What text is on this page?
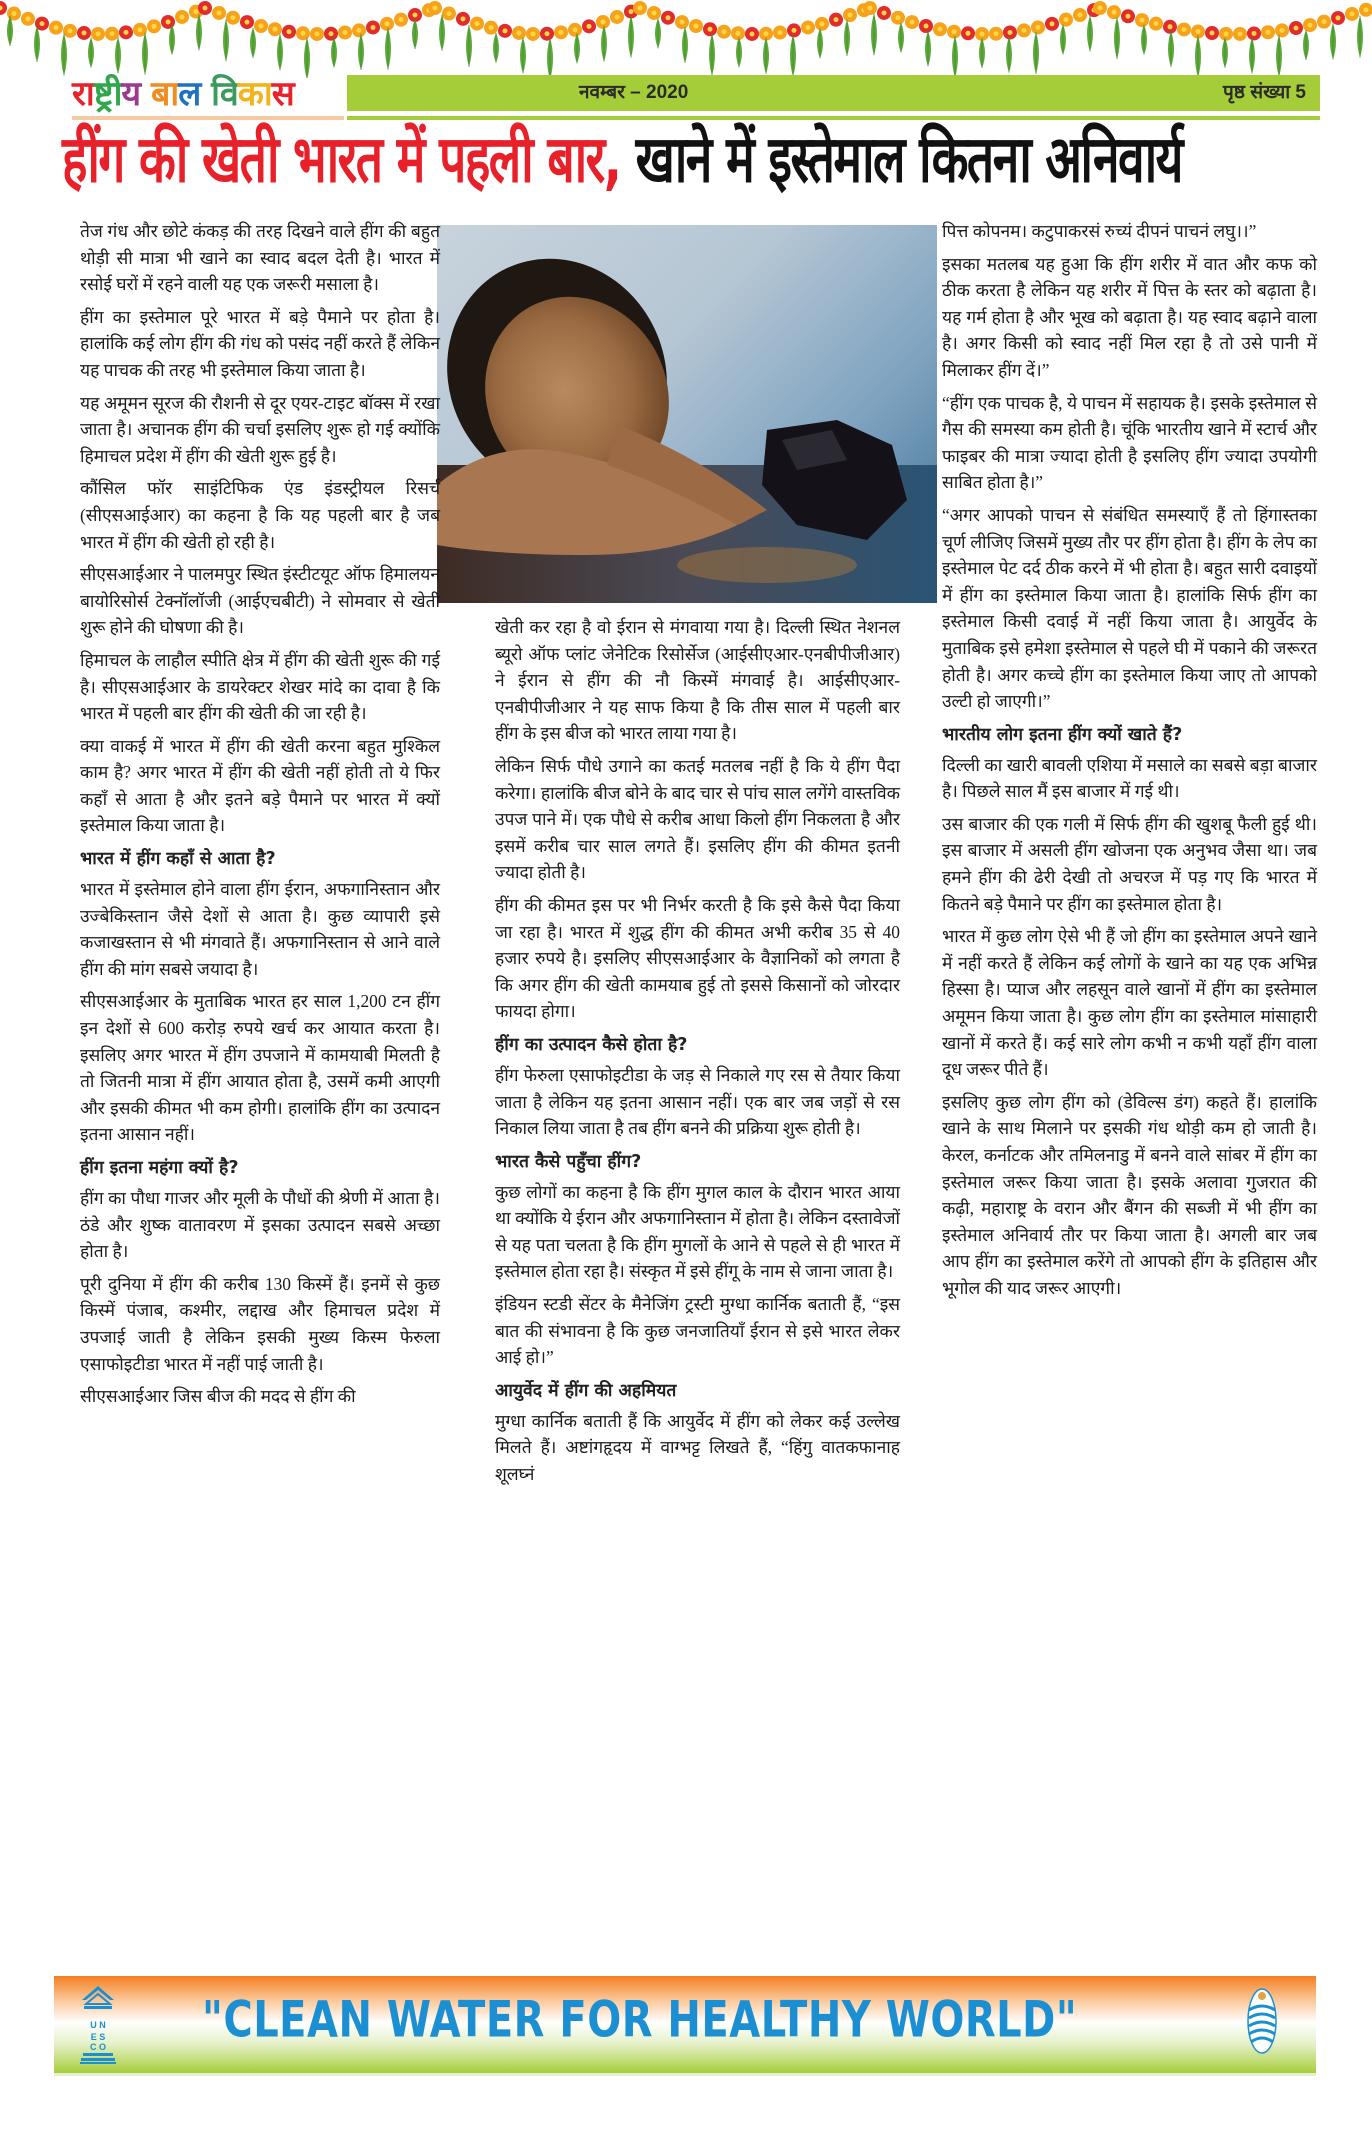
राष्ट्रीय बाल विकास	नवम्बर – 2020	पृष्ठ संख्या 5
हींग की खेती भारत में पहली बार, खाने में इस्तेमाल कितना अनिवार्य

तेज गंध और छोटे कंकड़ की तरह दिखने वाले हींग की बहुत थोड़ी सी मात्रा भी खाने का स्वाद बदल देती है। भारत में रसोई घरों में रहने वाली यह एक जरूरी मसाला है।

हींग का इस्तेमाल पूरे भारत में बड़े पैमाने पर होता है। हालांकि कई लोग हींग की गंध को पसंद नहीं करते हैं लेकिन यह पाचक की तरह भी इस्तेमाल किया जाता है।

यह अमूमन सूरज की रौशनी से दूर एयर-टाइट बॉक्स में रखा जाता है। अचानक हींग की चर्चा इसलिए शुरू हो गई क्योंकि हिमाचल प्रदेश में हींग की खेती शुरू हुई है।

कौंसिल फॉर साइंटिफिक एंड इंडस्ट्रीयल रिसर्च (सीएसआईआर) का कहना है कि यह पहली बार है जब भारत में हींग की खेती हो रही है।

सीएसआईआर ने पालमपुर स्थित इंस्टीटयूट ऑफ हिमालयन बायोरिसोर्स टेक्नॉलॉजी (आईएचबीटी) ने सोमवार से खेती शुरू होने की घोषणा की है।

हिमाचल के लाहौल स्पीति क्षेत्र में हींग की खेती शुरू की गई है। सीएसआईआर के डायरेक्टर शेखर मांदे का दावा है कि भारत में पहली बार हींग की खेती की जा रही है।

क्या वाकई में भारत में हींग की खेती करना बहुत मुश्किल काम है? अगर भारत में हींग की खेती नहीं होती तो ये फिर कहाँ से आता है और इतने बड़े पैमाने पर भारत में क्यों इस्तेमाल किया जाता है।

भारत में हींग कहाँ से आता है?

भारत में इस्तेमाल होने वाला हींग ईरान, अफगानिस्तान और उज्बेकिस्तान जैसे देशों से आता है। कुछ व्यापारी इसे कजाखस्तान से भी मंगवाते हैं। अफगानिस्तान से आने वाले हींग की मांग सबसे जयादा है।

सीएसआईआर के मुताबिक भारत हर साल 1,200 टन हींग इन देशों से 600 करोड़ रुपये खर्च कर आयात करता है। इसलिए अगर भारत में हींग उपजाने में कामयाबी मिलती है तो जितनी मात्रा में हींग आयात होता है, उसमें कमी आएगी और इसकी कीमत भी कम होगी। हालांकि हींग का उत्पादन इतना आसान नहीं।

हींग इतना महंगा क्यों है?

हींग का पौधा गाजर और मूली के पौधों की श्रेणी में आता है। ठंडे और शुष्क वातावरण में इसका उत्पादन सबसे अच्छा होता है।

पूरी दुनिया में हींग की करीब 130 किस्में हैं। इनमें से कुछ किस्में पंजाब, कश्मीर, लद्दाख और हिमाचल प्रदेश में उपजाई जाती है लेकिन इसकी मुख्य किस्म फेरुला एसाफोइटीडा भारत में नहीं पाई जाती है।

सीएसआईआर जिस बीज की मदद से हींग की

खेती कर रहा है वो ईरान से मंगवाया गया है। दिल्ली स्थित नेशनल ब्यूरो ऑफ प्लांट जेनेटिक रिसोर्सेज (आईसीएआर-एनबीपीजीआर) ने ईरान से हींग की नौ किस्में मंगवाई है। आईसीएआर-एनबीपीजीआर ने यह साफ किया है कि तीस साल में पहली बार हींग के इस बीज को भारत लाया गया है।

लेकिन सिर्फ पौधे उगाने का कतई मतलब नहीं है कि ये हींग पैदा करेगा। हालांकि बीज बोने के बाद चार से पांच साल लगेंगे वास्तविक उपज पाने में। एक पौधे से करीब आधा किलो हींग निकलता है और इसमें करीब चार साल लगते हैं। इसलिए हींग की कीमत इतनी ज्यादा होती है।

हींग की कीमत इस पर भी निर्भर करती है कि इसे कैसे पैदा किया जा रहा है। भारत में शुद्ध हींग की कीमत अभी करीब 35 से 40 हजार रुपये है। इसलिए सीएसआईआर के वैज्ञानिकों को लगता है कि अगर हींग की खेती कामयाब हुई तो इससे किसानों को जोरदार फायदा होगा।

हींग का उत्पादन कैसे होता है?

हींग फेरुला एसाफोइटीडा के जड़ से निकाले गए रस से तैयार किया जाता है लेकिन यह इतना आसान नहीं। एक बार जब जड़ों से रस निकाल लिया जाता है तब हींग बनने की प्रक्रिया शुरू होती है।

भारत कैसे पहुँचा हींग?

कुछ लोगों का कहना है कि हींग मुगल काल के दौरान भारत आया था क्योंकि ये ईरान और अफगानिस्तान में होता है। लेकिन दस्तावेजों से यह पता चलता है कि हींग मुगलों के आने से पहले से ही भारत में इस्तेमाल होता रहा है। संस्कृत में इसे हींगू के नाम से जाना जाता है।

इंडियन स्टडी सेंटर के मैनेजिंग ट्रस्टी मुग्धा कार्निक बताती हैं, “इस बात की संभावना है कि कुछ जनजातियाँ ईरान से इसे भारत लेकर आई हो।”

आयुर्वेद में हींग की अहमियत

मुग्धा कार्निक बताती हैं कि आयुर्वेद में हींग को लेकर कई उल्लेख मिलते हैं। अष्टांगहृदय में वाग्भट्ट लिखते हैं, “हिंगु वातकफानाह शूलघ्नं

पित्त कोपनम। कटुपाकरसं रुच्यं दीपनं पाचनं लघु।।”

इसका मतलब यह हुआ कि हींग शरीर में वात और कफ को ठीक करता है लेकिन यह शरीर में पित्त के स्तर को बढ़ाता है। यह गर्म होता है और भूख को बढ़ाता है। यह स्वाद बढ़ाने वाला है। अगर किसी को स्वाद नहीं मिल रहा है तो उसे पानी में मिलाकर हींग दें।”

“हींग एक पाचक है, ये पाचन में सहायक है। इसके इस्तेमाल से गैस की समस्या कम होती है। चूंकि भारतीय खाने में स्टार्च और फाइबर की मात्रा ज्यादा होती है इसलिए हींग ज्यादा उपयोगी साबित होता है।”

“अगर आपको पाचन से संबंधित समस्याएँ हैं तो हिंगास्तका चूर्ण लीजिए जिसमें मुख्य तौर पर हींग होता है। हींग के लेप का इस्तेमाल पेट दर्द ठीक करने में भी होता है। बहुत सारी दवाइयों में हींग का इस्तेमाल किया जाता है। हालांकि सिर्फ हींग का इस्तेमाल किसी दवाई में नहीं किया जाता है। आयुर्वेद के मुताबिक इसे हमेशा इस्तेमाल से पहले घी में पकाने की जरूरत होती है। अगर कच्चे हींग का इस्तेमाल किया जाए तो आपको उल्टी हो जाएगी।”

भारतीय लोग इतना हींग क्यों खाते हैं?

दिल्ली का खारी बावली एशिया में मसाले का सबसे बड़ा बाजार है। पिछले साल मैं इस बाजार में गई थी।

उस बाजार की एक गली में सिर्फ हींग की खुशबू फैली हुई थी। इस बाजार में असली हींग खोजना एक अनुभव जैसा था। जब हमने हींग की ढेरी देखी तो अचरज में पड़ गए कि भारत में कितने बड़े पैमाने पर हींग का इस्तेमाल होता है।

भारत में कुछ लोग ऐसे भी हैं जो हींग का इस्तेमाल अपने खाने में नहीं करते हैं लेकिन कई लोगों के खाने का यह एक अभिन्न हिस्सा है। प्याज और लहसून वाले खानों में हींग का इस्तेमाल अमूमन किया जाता है। कुछ लोग हींग का इस्तेमाल मांसाहारी खानों में करते हैं। कई सारे लोग कभी न कभी यहाँ हींग वाला दूध जरूर पीते हैं।

इसलिए कुछ लोग हींग को (डेविल्स डंग) कहते हैं। हालांकि खाने के साथ मिलाने पर इसकी गंध थोड़ी कम हो जाती है। केरल, कर्नाटक और तमिलनाडु में बनने वाले सांबर में हींग का इस्तेमाल जरूर किया जाता है। इसके अलावा गुजरात की कढ़ी, महाराष्ट्र के वरान और बैंगन की सब्जी में भी हींग का इस्तेमाल अनिवार्य तौर पर किया जाता है। अगली बार जब आप हींग का इस्तेमाल करेंगे तो आपको हींग के इतिहास और भूगोल की याद जरूर आएगी।

U N
E S
C O "CLEAN WATER FOR HEALTHY WORLD"
